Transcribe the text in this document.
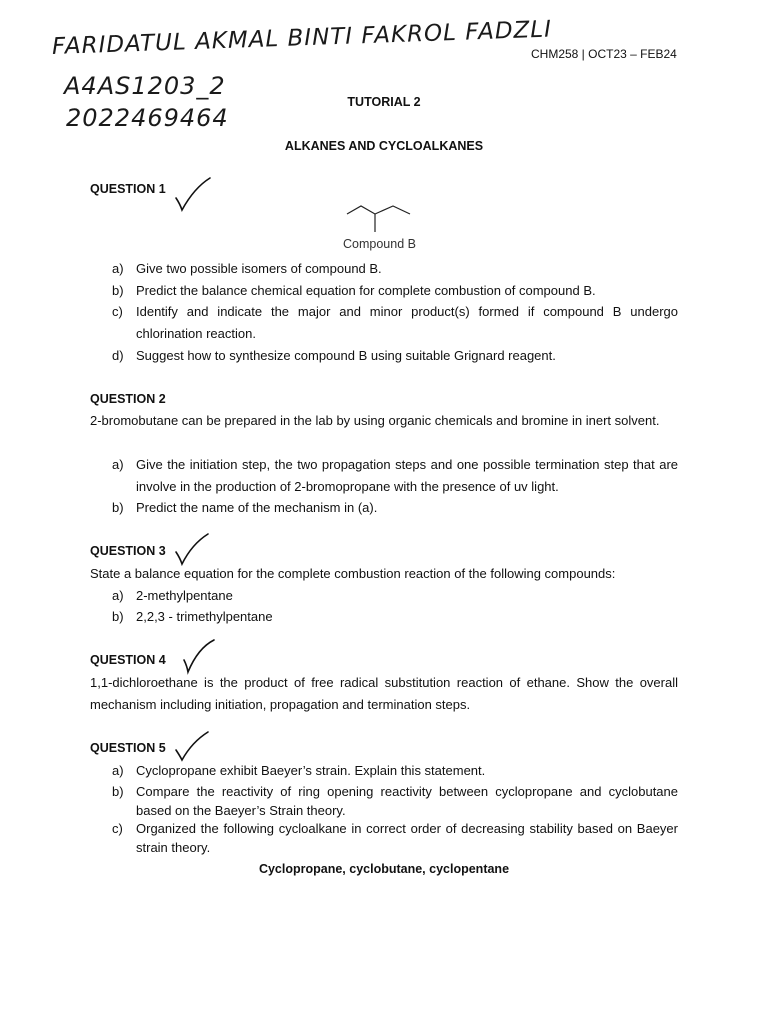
FARIDATUL AKMAL BINTI FAKROL FADZLI
A4AS1203_2
2022469464
CHM258 | OCT23 – FEB24
TUTORIAL 2
ALKANES AND CYCLOALKANES
QUESTION 1
Compound B
a) Give two possible isomers of compound B.
b) Predict the balance chemical equation for complete combustion of compound B.
c)	Identify and indicate the major and minor product(s) formed if compound B undergo chlorination reaction.
d) Suggest how to synthesize compound B using suitable Grignard reagent.
QUESTION 2
2-bromobutane can be prepared in the lab by using organic chemicals and bromine in inert solvent.
a) Give the initiation step, the two propagation steps and one possible termination step that are involve in the production of 2-bromopropane with the presence of uv light.
b) Predict the name of the mechanism in (a).
QUESTION 3
State a balance equation for the complete combustion reaction of the following compounds:
a) 2-methylpentane
b) 2,2,3 - trimethylpentane
QUESTION 4
1,1-dichloroethane is the product of free radical substitution reaction of ethane. Show the overall mechanism including initiation, propagation and termination steps.
QUESTION 5
a) Cyclopropane exhibit Baeyer’s strain. Explain this statement.
b) Compare the reactivity of ring opening reactivity between cyclopropane and cyclobutane based on the Baeyer’s Strain theory.
c)	Organized the following cycloalkane in correct order of decreasing stability based on Baeyer strain theory.
Cyclopropane, cyclobutane, cyclopentane
